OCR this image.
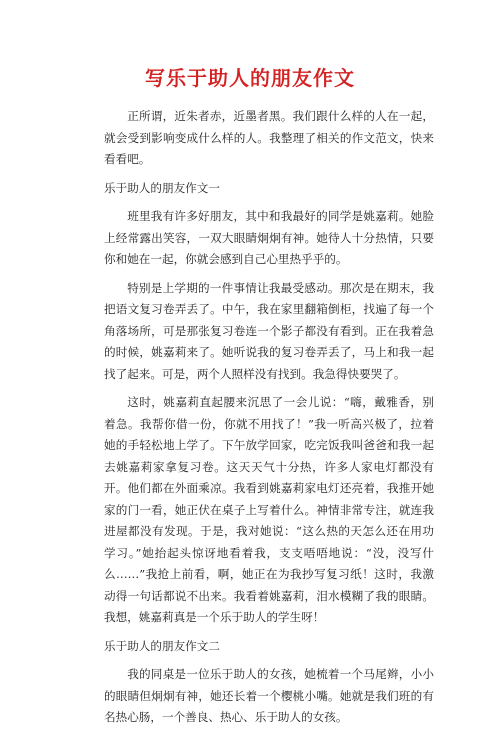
写乐于助人的朋友作文

正所谓，近朱者赤，近墨者黑。我们跟什么样的人在一起，就会受到影响变成什么样的人。我整理了相关的作文范文，快来看看吧。

乐于助人的朋友作文一

班里我有许多好朋友，其中和我最好的同学是姚嘉莉。她脸上经常露出笑容，一双大眼睛炯炯有神。她待人十分热情，只要你和她在一起，你就会感到自己心里热乎乎的。

特别是上学期的一件事情让我最受感动。那次是在期末，我把语文复习卷弄丢了。中午，我在家里翻箱倒柜，找遍了每一个角落场所，可是那张复习卷连一个影子都没有看到。正在我着急的时候，姚嘉莉来了。她听说我的复习卷弄丢了，马上和我一起找了起来。可是，两个人照样没有找到。我急得快要哭了。

这时，姚嘉莉直起腰来沉思了一会儿说：“嗨，戴雅香，别着急。我帮你借一份，你就不用找了！”我一听高兴极了，拉着她的手轻松地上学了。下午放学回家，吃完饭我叫爸爸和我一起去姚嘉莉家拿复习卷。这天天气十分热，许多人家电灯都没有开。他们都在外面乘凉。我看到姚嘉莉家电灯还亮着，我推开她家的门一看，她正伏在桌子上写着什么。神情非常专注，就连我进屋都没有发现。于是，我对她说：“这么热的天怎么还在用功学习。”她抬起头惊讶地看着我，支支唔唔地说：“没，没写什么……”我抢上前看，啊，她正在为我抄写复习纸！这时，我激动得一句话都说不出来。我看着姚嘉莉，泪水模糊了我的眼睛。我想，姚嘉莉真是一个乐于助人的学生呀！

乐于助人的朋友作文二

我的同桌是一位乐于助人的女孩，她梳着一个马尾辫，小小的眼睛但炯炯有神，她还长着一个樱桃小嘴。她就是我们班的有名热心肠，一个善良、热心、乐于助人的女孩。
